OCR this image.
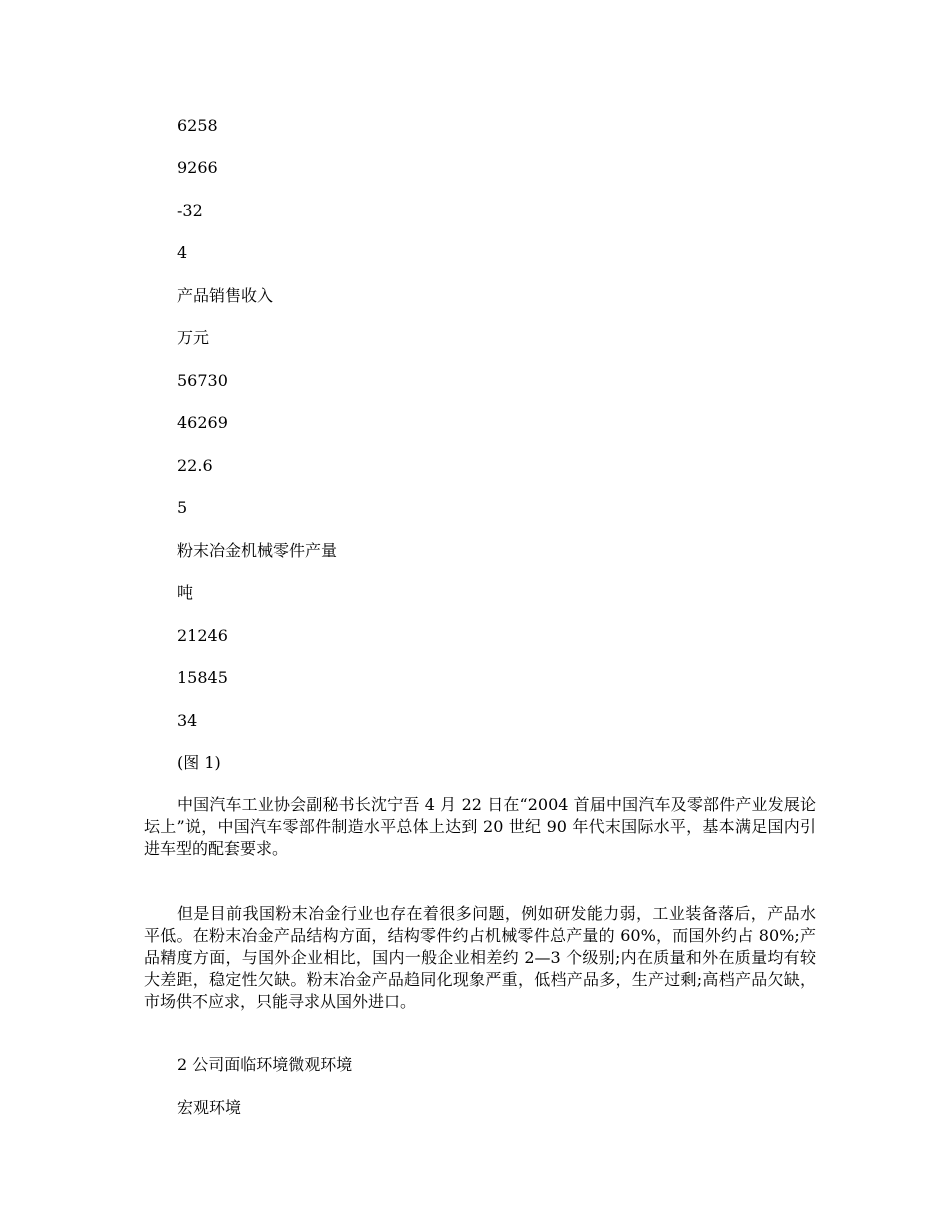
6258
9266
-32
4
产品销售收入
万元
56730
46269
22.6
5
粉末冶金机械零件产量
吨
21246
15845
34
(图 1)
中国汽车工业协会副秘书长沈宁吾 4 月 22 日在“2004 首届中国汽车及零部件产业发展论坛上”说，中国汽车零部件制造水平总体上达到 20 世纪 90 年代末国际水平，基本满足国内引进车型的配套要求。
但是目前我国粉末冶金行业也存在着很多问题，例如研发能力弱，工业装备落后，产品水平低。在粉末冶金产品结构方面，结构零件约占机械零件总产量的 60%，而国外约占 80%;产品精度方面，与国外企业相比，国内一般企业相差约 2—3 个级别;内在质量和外在质量均有较大差距，稳定性欠缺。粉末冶金产品趋同化现象严重，低档产品多，生产过剩;高档产品欠缺，市场供不应求，只能寻求从国外进口。
2 公司面临环境微观环境
宏观环境
